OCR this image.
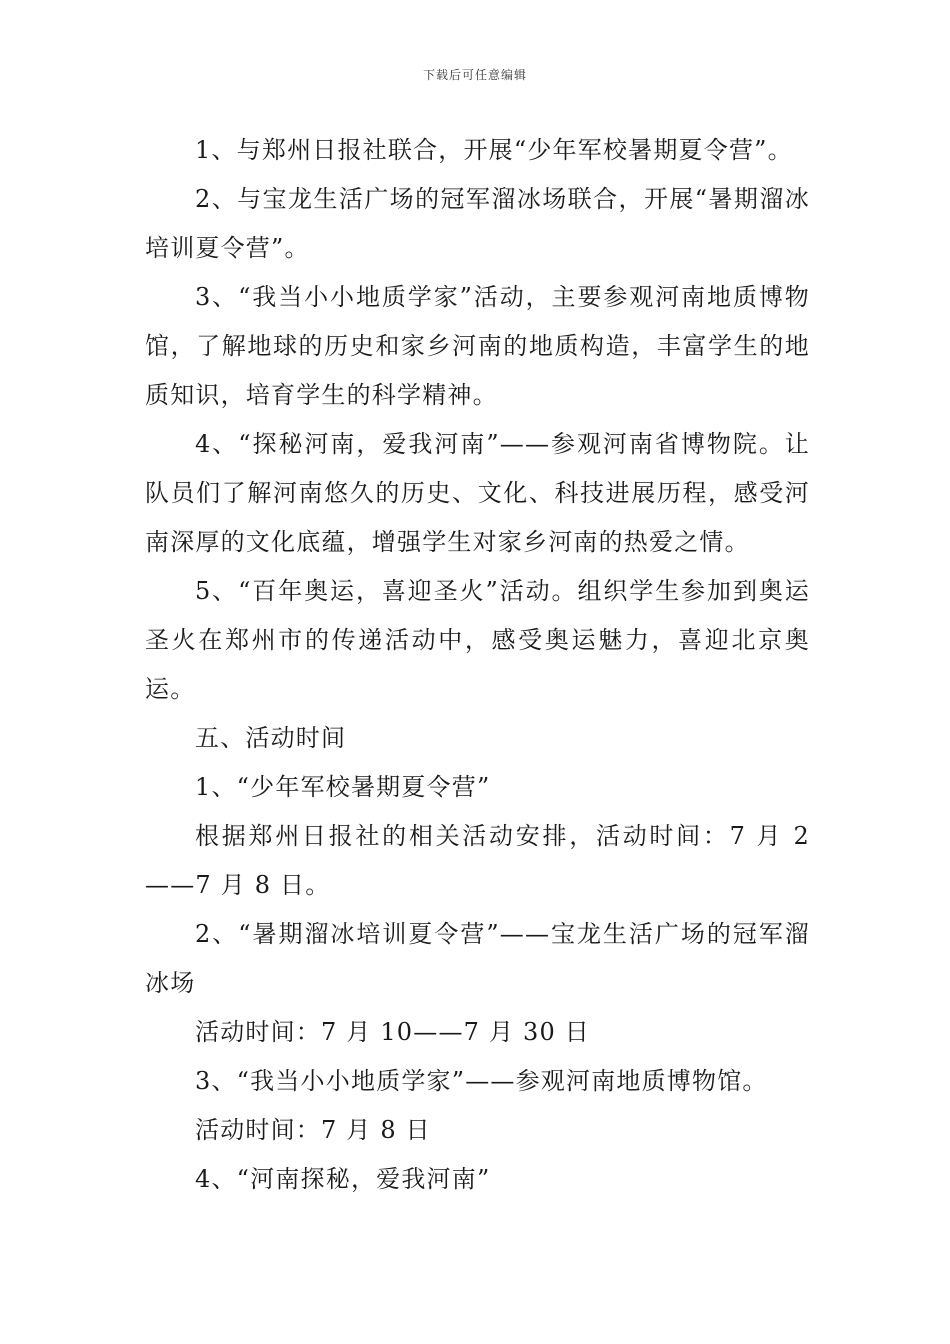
下载后可任意编辑

1、与郑州日报社联合，开展“少年军校暑期夏令营”。

2、与宝龙生活广场的冠军溜冰场联合，开展“暑期溜冰培训夏令营”。

3、“我当小小地质学家”活动，主要参观河南地质博物馆，了解地球的历史和家乡河南的地质构造，丰富学生的地质知识，培育学生的科学精神。

4、“探秘河南，爱我河南”——参观河南省博物院。让队员们了解河南悠久的历史、文化、科技进展历程，感受河南深厚的文化底蕴，增强学生对家乡河南的热爱之情。

5、“百年奥运，喜迎圣火”活动。组织学生参加到奥运圣火在郑州市的传递活动中，感受奥运魅力，喜迎北京奥运。

五、活动时间

1、“少年军校暑期夏令营”

根据郑州日报社的相关活动安排，活动时间：7 月 2——7 月 8 日。

2、“暑期溜冰培训夏令营”——宝龙生活广场的冠军溜冰场

活动时间：7 月 10——7 月 30 日

3、“我当小小地质学家”——参观河南地质博物馆。

活动时间：7 月 8 日

4、“河南探秘，爱我河南”
